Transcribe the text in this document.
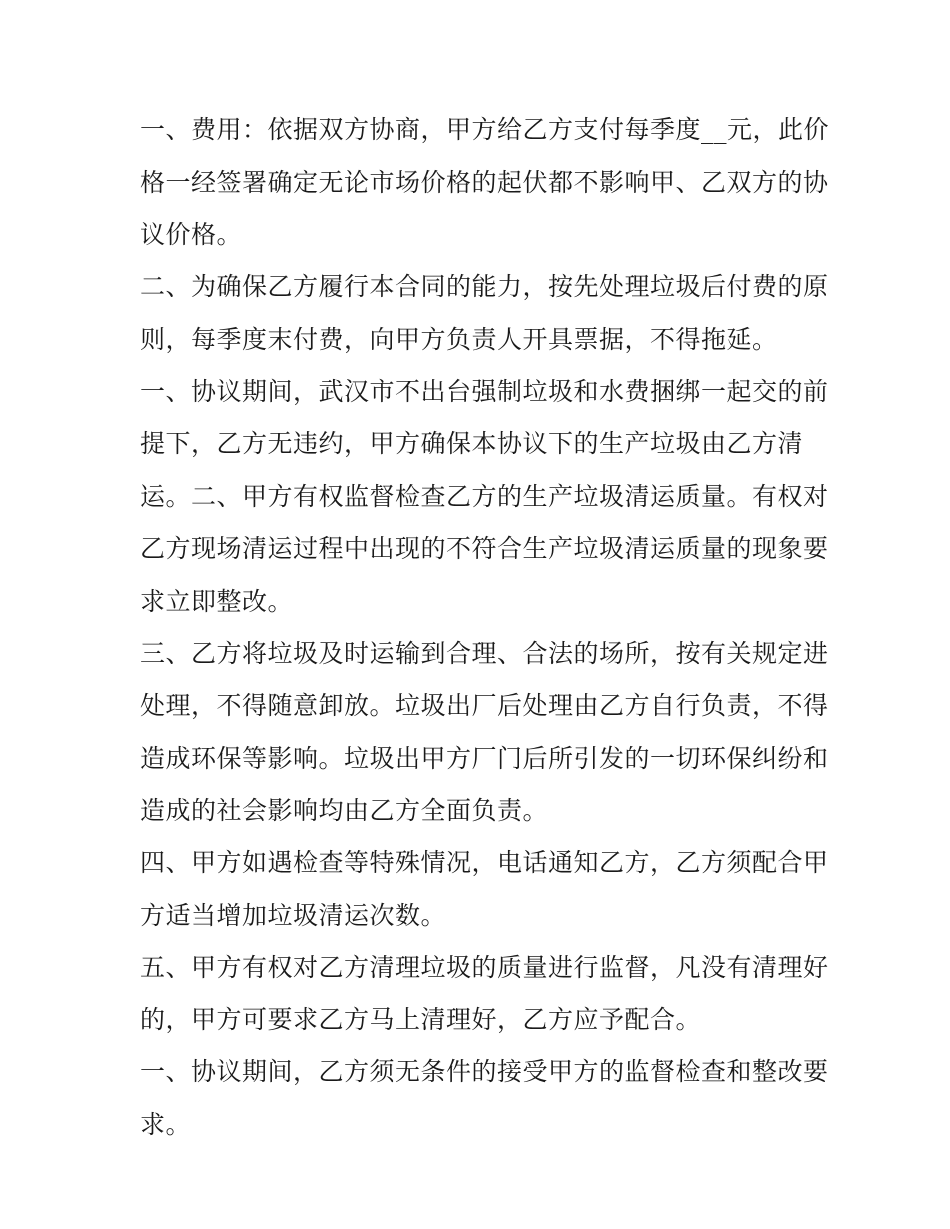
一、费用：依据双方协商，甲方给乙方支付每季度__元，此价
格一经签署确定无论市场价格的起伏都不影响甲、乙双方的协
议价格。
二、为确保乙方履行本合同的能力，按先处理垃圾后付费的原
则，每季度末付费，向甲方负责人开具票据，不得拖延。
一、协议期间，武汉市不出台强制垃圾和水费捆绑一起交的前
提下，乙方无违约，甲方确保本协议下的生产垃圾由乙方清
运。二、甲方有权监督检查乙方的生产垃圾清运质量。有权对
乙方现场清运过程中出现的不符合生产垃圾清运质量的现象要
求立即整改。
三、乙方将垃圾及时运输到合理、合法的场所，按有关规定进
处理，不得随意卸放。垃圾出厂后处理由乙方自行负责，不得
造成环保等影响。垃圾出甲方厂门后所引发的一切环保纠纷和
造成的社会影响均由乙方全面负责。
四、甲方如遇检查等特殊情况，电话通知乙方，乙方须配合甲
方适当增加垃圾清运次数。
五、甲方有权对乙方清理垃圾的质量进行监督，凡没有清理好
的，甲方可要求乙方马上清理好，乙方应予配合。
一、协议期间，乙方须无条件的接受甲方的监督检查和整改要
求。
